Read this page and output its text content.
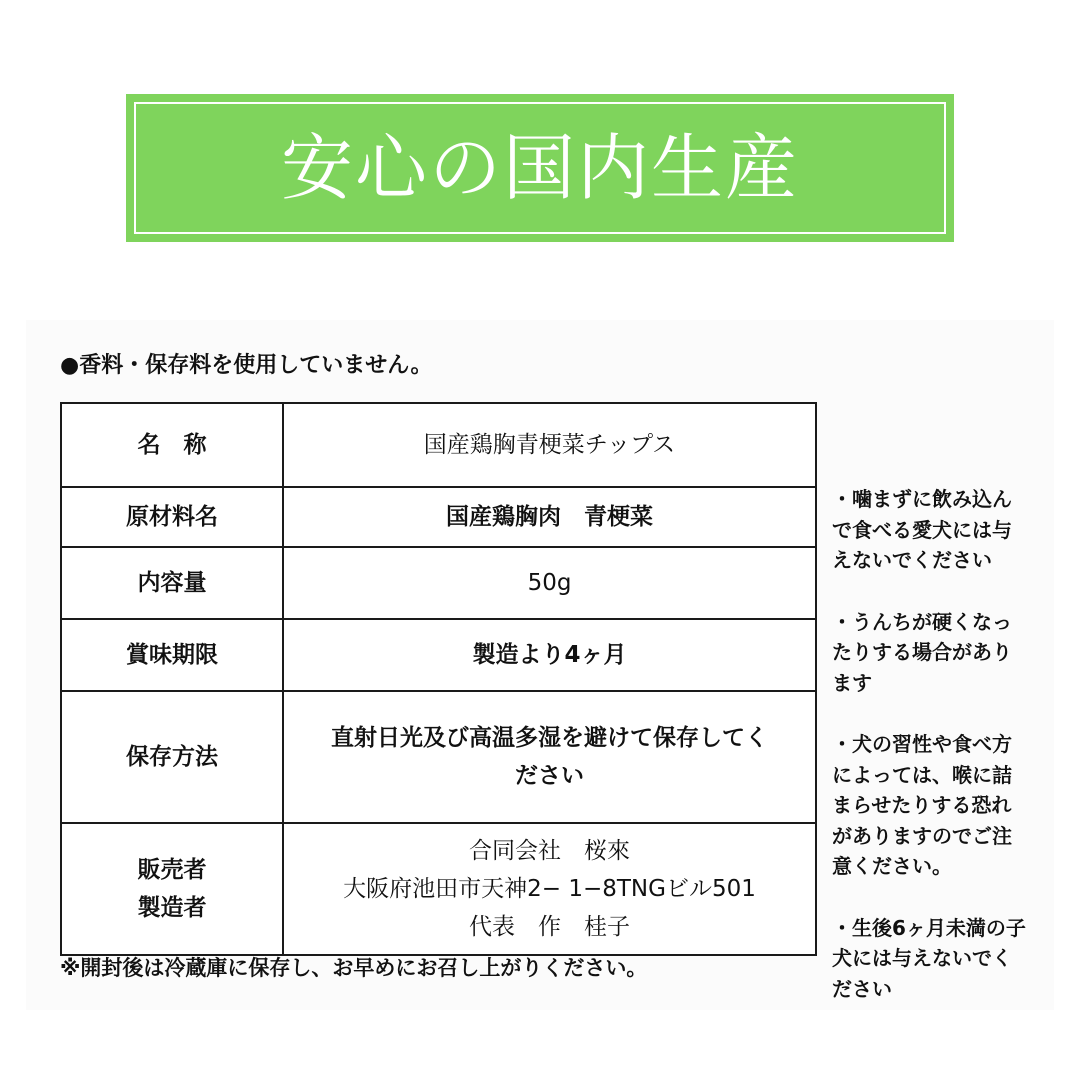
安心の国内生産
●香料・保存料を使用していません。
名　称	国産鶏胸青梗菜チップス
原材料名	国産鶏胸肉　青梗菜
内容量	50g
賞味期限	製造より4ヶ月
保存方法	直射日光及び高温多湿を避けて保存してく
ださい
販売者
製造者	合同会社　桜來
大阪府池田市天神2− 1−8TNGビル501
代表　作　桂子
※開封後は冷蔵庫に保存し、お早めにお召し上がりください。
・噛まずに飲み込ん
で食べる愛犬には与
えないでください
・うんちが硬くなっ
たりする場合があり
ます
・犬の習性や食べ方
によっては、喉に詰
まらせたりする恐れ
がありますのでご注
意ください。
・生後6ヶ月未満の子
犬には与えないでく
ださい
